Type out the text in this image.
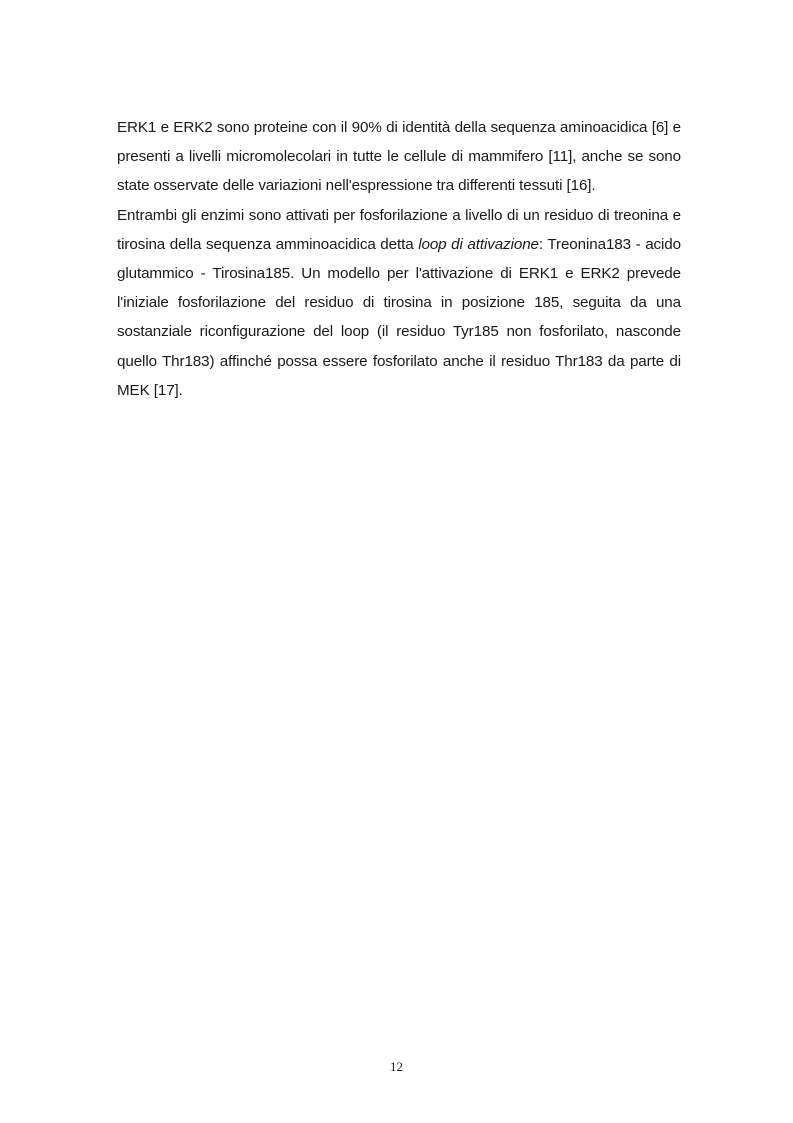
ERK1 e ERK2 sono proteine con il 90% di identità della sequenza aminoacidica [6] e presenti a livelli micromolecolari in tutte le cellule di mammifero [11], anche se sono state osservate delle variazioni nell'espressione tra differenti tessuti [16].

Entrambi gli enzimi sono attivati per fosforilazione a livello di un residuo di treonina e tirosina della sequenza amminoacidica detta loop di attivazione: Treonina183 - acido glutammico - Tirosina185. Un modello per l'attivazione di ERK1 e ERK2 prevede l'iniziale fosforilazione del residuo di tirosina in posizione 185, seguita da una sostanziale riconfigurazione del loop (il residuo Tyr185 non fosforilato, nasconde quello Thr183) affinché possa essere fosforilato anche il residuo Thr183 da parte di MEK [17].

12
